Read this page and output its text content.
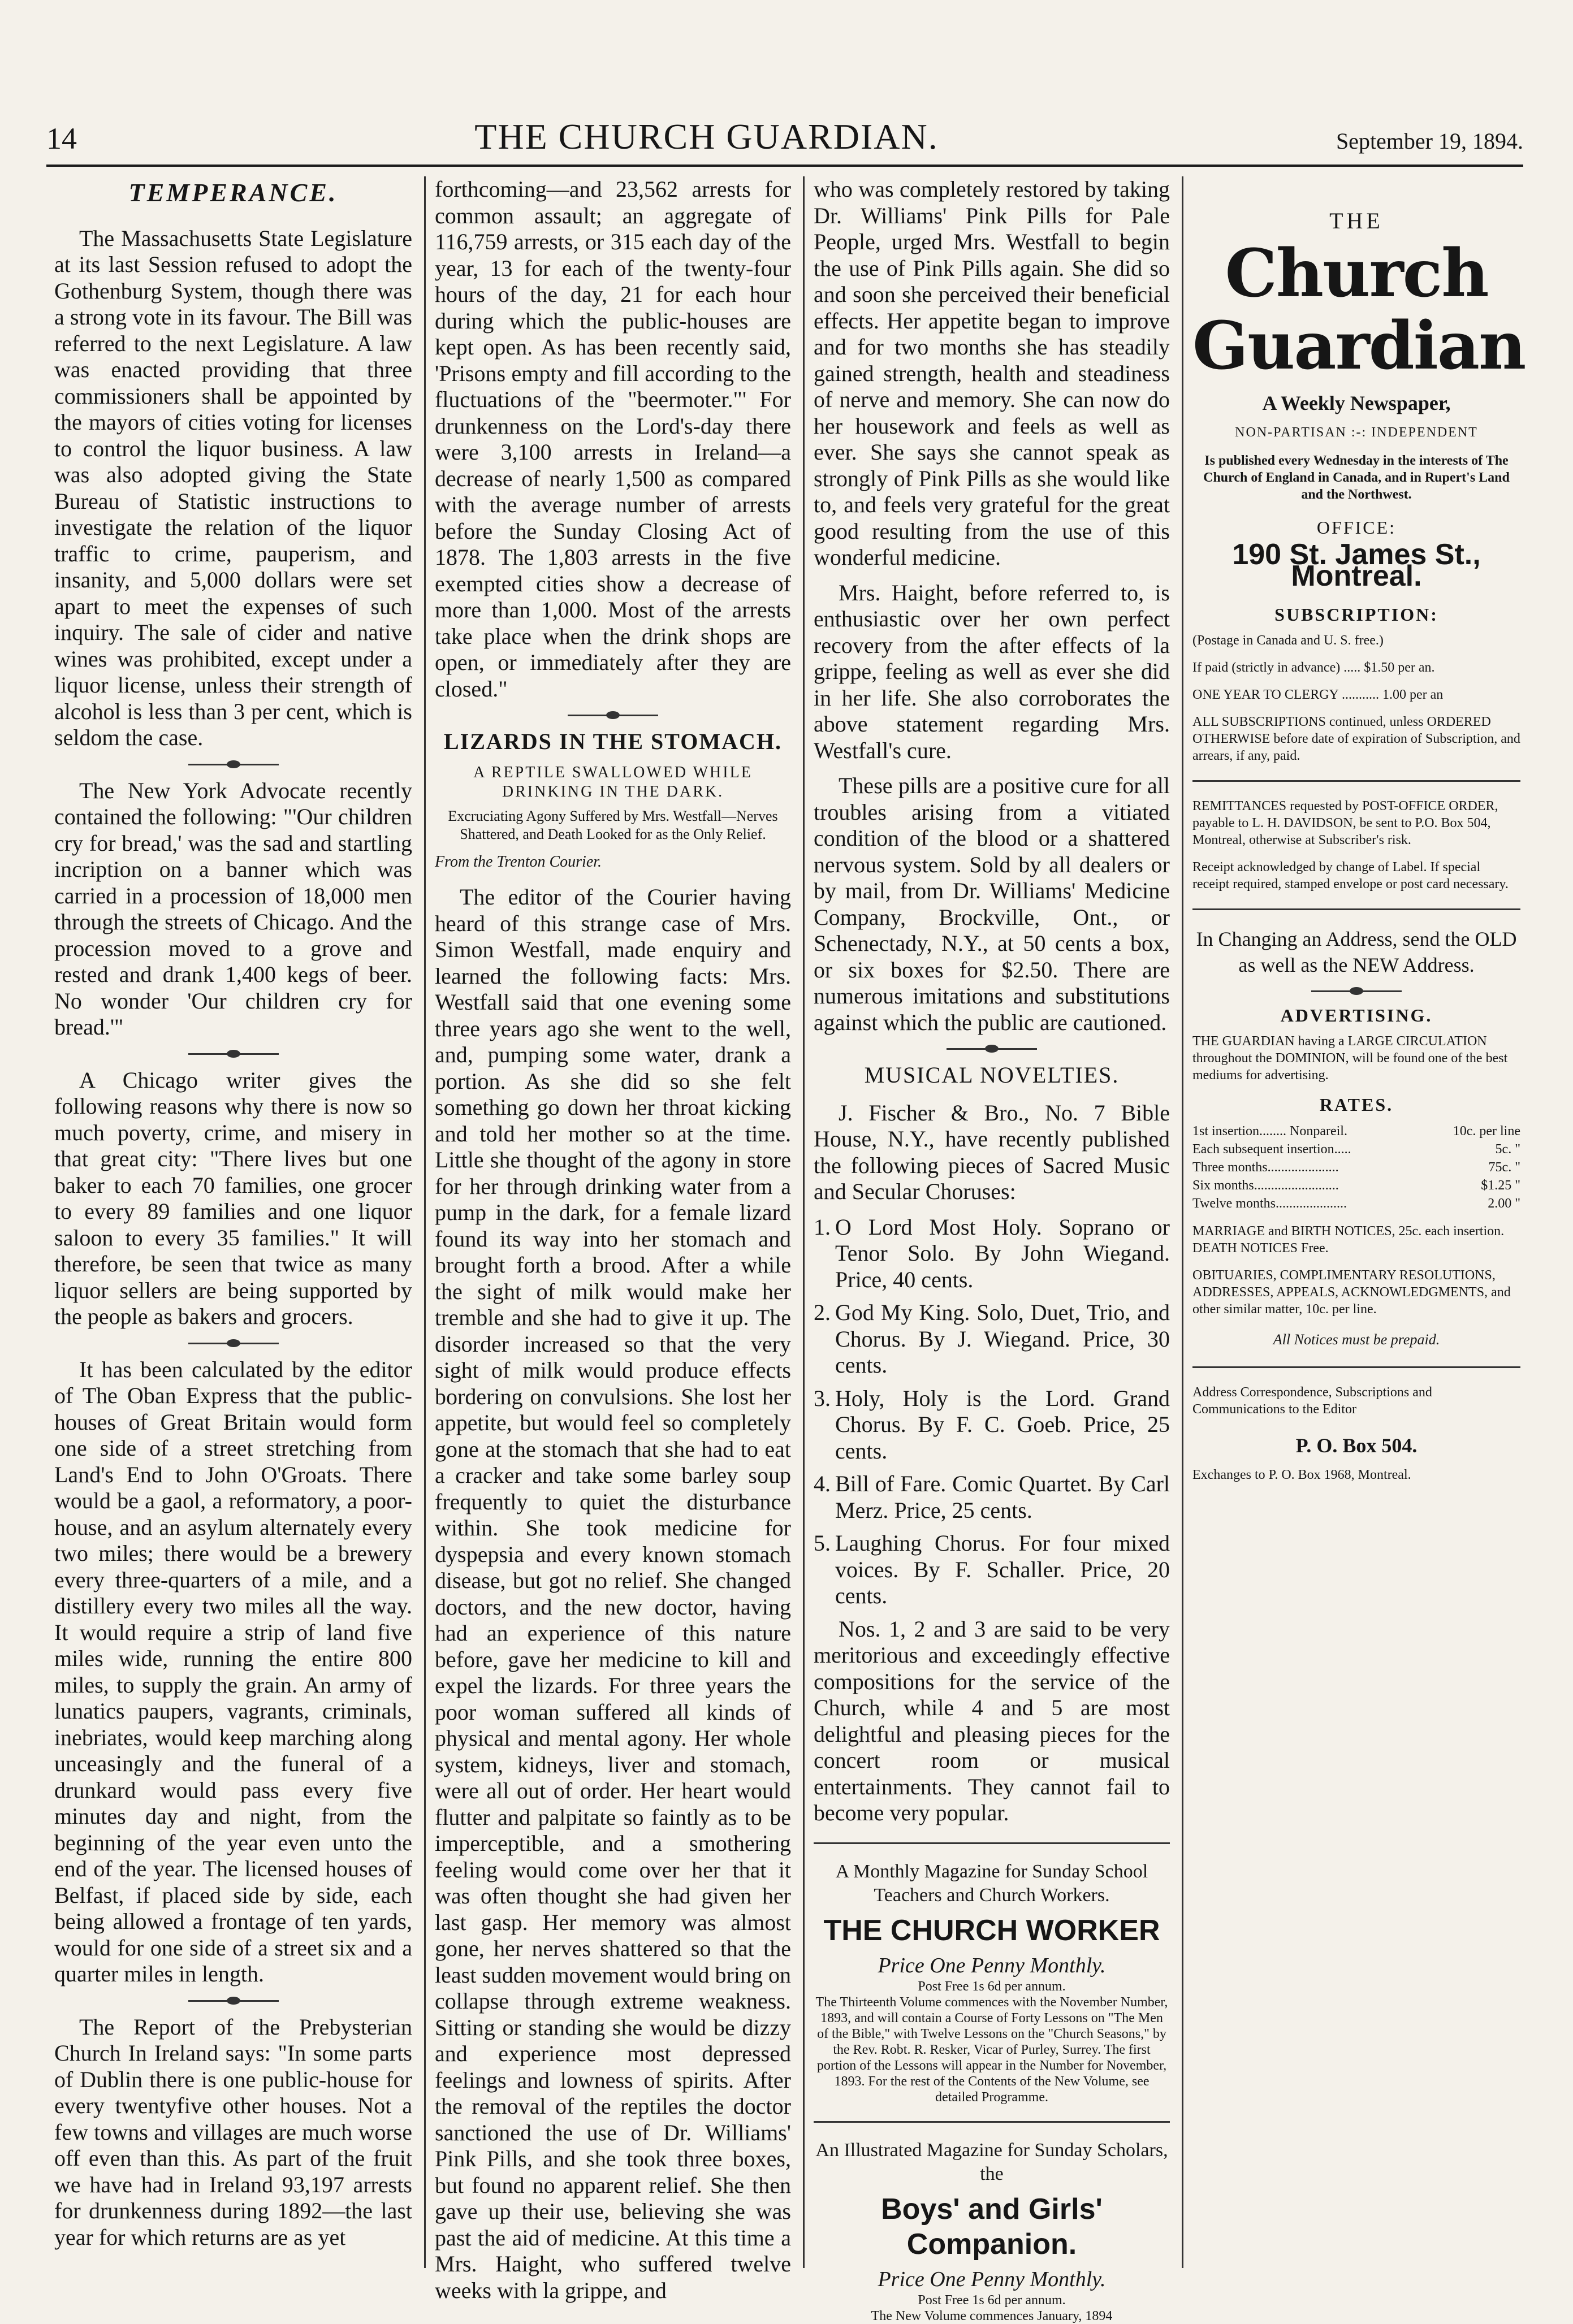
14	THE CHURCH GUARDIAN.	September 19, 1894.
TEMPERANCE.

The Massachusetts State Legislature at its last Session refused to adopt the Gothenburg System, though there was a strong vote in its favour. The Bill was referred to the next Legislature. A law was enacted providing that three commissioners shall be appointed by the mayors of cities voting for licenses to control the liquor business. A law was also adopted giving the State Bureau of Statistic instructions to investigate the relation of the liquor traffic to crime, pauperism, and insanity, and 5,000 dollars were set apart to meet the expenses of such inquiry. The sale of cider and native wines was prohibited, except under a liquor license, unless their strength of alcohol is less than 3 per cent, which is seldom the case.

The New York Advocate recently contained the following: "'Our children cry for bread,' was the sad and startling incription on a banner which was carried in a procession of 18,000 men through the streets of Chicago. And the procession moved to a grove and rested and drank 1,400 kegs of beer. No wonder 'Our children cry for bread.'"

A Chicago writer gives the following reasons why there is now so much poverty, crime, and misery in that great city: "There lives but one baker to each 70 families, one grocer to every 89 families and one liquor saloon to every 35 families." It will therefore, be seen that twice as many liquor sellers are being supported by the people as bakers and grocers.

It has been calculated by the editor of The Oban Express that the public-houses of Great Britain would form one side of a street stretching from Land's End to John O'Groats. There would be a gaol, a reformatory, a poor-house, and an asylum alternately every two miles; there would be a brewery every three-quarters of a mile, and a distillery every two miles all the way. It would require a strip of land five miles wide, running the entire 800 miles, to supply the grain. An army of lunatics paupers, vagrants, criminals, inebriates, would keep marching along unceasingly and the funeral of a drunkard would pass every five minutes day and night, from the beginning of the year even unto the end of the year. The licensed houses of Belfast, if placed side by side, each being allowed a frontage of ten yards, would for one side of a street six and a quarter miles in length.

The Report of the Prebysterian Church In Ireland says: "In some parts of Dublin there is one public-house for every twentyfive other houses. Not a few towns and villages are much worse off even than this. As part of the fruit we have had in Ireland 93,197 arrests for drunkenness during 1892—the last year for which returns are as yet

forthcoming—and 23,562 arrests for common assault; an aggregate of 116,759 arrests, or 315 each day of the year, 13 for each of the twenty-four hours of the day, 21 for each hour during which the public-houses are kept open. As has been recently said, 'Prisons empty and fill according to the fluctuations of the "beermoter."' For drunkenness on the Lord's-day there were 3,100 arrests in Ireland—a decrease of nearly 1,500 as compared with the average number of arrests before the Sunday Closing Act of 1878. The 1,803 arrests in the five exempted cities show a decrease of more than 1,000. Most of the arrests take place when the drink shops are open, or immediately after they are closed."

LIZARDS IN THE STOMACH.
A REPTILE SWALLOWED WHILE DRINKING IN THE DARK.
Excruciating Agony Suffered by Mrs. Westfall—Nerves Shattered, and Death Looked for as the Only Relief.
From the Trenton Courier.

The editor of the Courier having heard of this strange case of Mrs. Simon Westfall, made enquiry and learned the following facts: Mrs. Westfall said that one evening some three years ago she went to the well, and, pumping some water, drank a portion. As she did so she felt something go down her throat kicking and told her mother so at the time. Little she thought of the agony in store for her through drinking water from a pump in the dark, for a female lizard found its way into her stomach and brought forth a brood. After a while the sight of milk would make her tremble and she had to give it up. The disorder increased so that the very sight of milk would produce effects bordering on convulsions. She lost her appetite, but would feel so completely gone at the stomach that she had to eat a cracker and take some barley soup frequently to quiet the disturbance within. She took medicine for dyspepsia and every known stomach disease, but got no relief. She changed doctors, and the new doctor, having had an experience of this nature before, gave her medicine to kill and expel the lizards. For three years the poor woman suffered all kinds of physical and mental agony. Her whole system, kidneys, liver and stomach, were all out of order. Her heart would flutter and palpitate so faintly as to be imperceptible, and a smothering feeling would come over her that it was often thought she had given her last gasp. Her memory was almost gone, her nerves shattered so that the least sudden movement would bring on collapse through extreme weakness. Sitting or standing she would be dizzy and experience most depressed feelings and lowness of spirits. After the removal of the reptiles the doctor sanctioned the use of Dr. Williams' Pink Pills, and she took three boxes, but found no apparent relief. She then gave up their use, believing she was past the aid of medicine. At this time a Mrs. Haight, who suffered twelve weeks with la grippe, and

who was completely restored by taking Dr. Williams' Pink Pills for Pale People, urged Mrs. Westfall to begin the use of Pink Pills again. She did so and soon she perceived their beneficial effects. Her appetite began to improve and for two months she has steadily gained strength, health and steadiness of nerve and memory. She can now do her housework and feels as well as ever. She says she cannot speak as strongly of Pink Pills as she would like to, and feels very grateful for the great good resulting from the use of this wonderful medicine.

Mrs. Haight, before referred to, is enthusiastic over her own perfect recovery from the after effects of la grippe, feeling as well as ever she did in her life. She also corroborates the above statement regarding Mrs. Westfall's cure.

These pills are a positive cure for all troubles arising from a vitiated condition of the blood or a shattered nervous system. Sold by all dealers or by mail, from Dr. Williams' Medicine Company, Brockville, Ont., or Schenectady, N.Y., at 50 cents a box, or six boxes for $2.50. There are numerous imitations and substitutions against which the public are cautioned.

MUSICAL NOVELTIES.

J. Fischer & Bro., No. 7 Bible House, N.Y., have recently published the following pieces of Sacred Music and Secular Choruses:

1. O Lord Most Holy. Soprano or Tenor Solo. By John Wiegand. Price, 40 cents.
2. God My King. Solo, Duet, Trio, and Chorus. By J. Wiegand. Price, 30 cents.
3. Holy, Holy is the Lord. Grand Chorus. By F. C. Goeb. Price, 25 cents.
4. Bill of Fare. Comic Quartet. By Carl Merz. Price, 25 cents.
5. Laughing Chorus. For four mixed voices. By F. Schaller. Price, 20 cents.

Nos. 1, 2 and 3 are said to be very meritorious and exceedingly effective compositions for the service of the Church, while 4 and 5 are most delightful and pleasing pieces for the concert room or musical entertainments. They cannot fail to become very popular.

A Monthly Magazine for Sunday School Teachers and Church Workers.
THE CHURCH WORKER
Price One Penny Monthly.
Post Free 1s 6d per annum.
The Thirteenth Volume commences with the November Number, 1893, and will contain a Course of Forty Lessons on "The Men of the Bible," with Twelve Lessons on the "Church Seasons," by the Rev. Robt. R. Resker, Vicar of Purley, Surrey. The first portion of the Lessons will appear in the Number for November, 1893. For the rest of the Contents of the New Volume, see detailed Programme.
An Illustrated Magazine for Sunday Scholars, the
Boys' and Girls' Companion.
Price One Penny Monthly.
Post Free 1s 6d per annum.
The New Volume commences January, 1894
THE
Church Guardian
A Weekly Newspaper,
NON-PARTISAN :-: INDEPENDENT
Is published every Wednesday in the interests of The Church of England in Canada, and in Rupert's Land and the Northwest.
OFFICE:
190 St. James St., Montreal.
SUBSCRIPTION:
(Postage in Canada and U. S. free.)
If paid (strictly in advance) ..... $1.50 per an.
ONE YEAR TO CLERGY ........... 1.00 per an
ALL SUBSCRIPTIONS continued, unless ORDERED OTHERWISE before date of expiration of Subscription, and arrears, if any, paid.
REMITTANCES requested by POST-OFFICE ORDER, payable to L. H. DAVIDSON, be sent to P.O. Box 504, Montreal, otherwise at Subscriber's risk.
Receipt acknowledged by change of Label. If special receipt required, stamped envelope or post card necessary.
In Changing an Address, send the OLD as well as the NEW Address.
ADVERTISING.
THE GUARDIAN having a LARGE CIRCULATION throughout the DOMINION, will be found one of the best mediums for advertising.
RATES.
1st insertion........ Nonpareil.	10c. per line
Each subsequent insertion.....	5c. "
Three months.....................	75c. "
Six months.........................	$1.25 "
Twelve months.....................	2.00 "
MARRIAGE and BIRTH NOTICES, 25c. each insertion. DEATH NOTICES Free.
OBITUARIES, COMPLIMENTARY RESOLUTIONS, ADDRESSES, APPEALS, ACKNOWLEDGMENTS, and other similar matter, 10c. per line.
All Notices must be prepaid.
Address Correspondence, Subscriptions and Communications to the Editor
P. O. Box 504.
Exchanges to P. O. Box 1968, Montreal.
